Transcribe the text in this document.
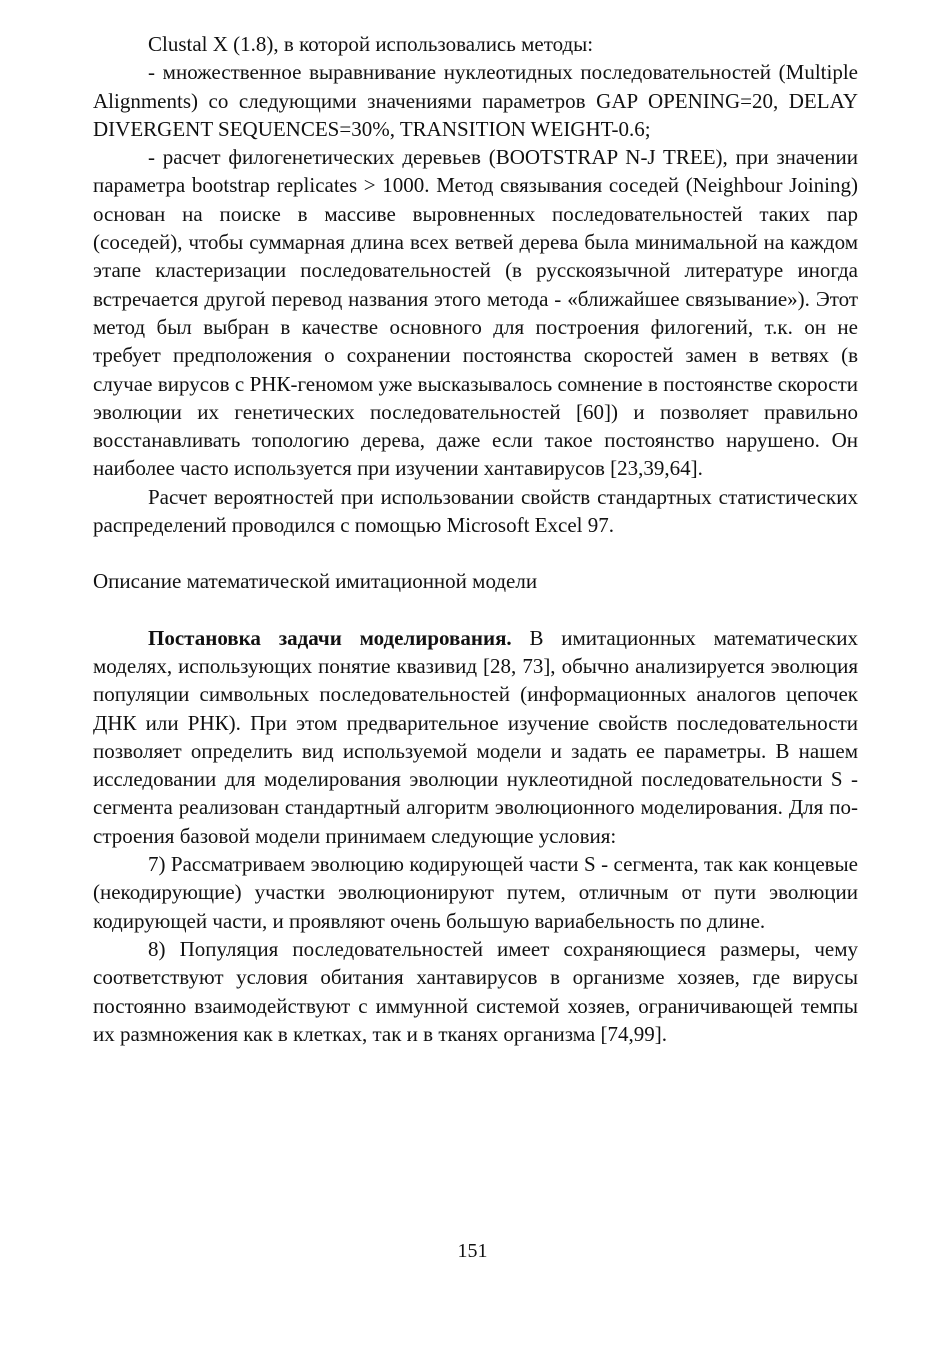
Clustal X (1.8), в которой использовались методы:

- множественное выравнивание нуклеотидных последовательностей (Multiple Alignments) со следующими значениями параметров GAP OPENING=20, DELAY DIVERGENT SEQUENCES=30%, TRANSITION WEIGHT-0.6;

- расчет филогенетических деревьев (BOOTSTRAP N-J TREE), при значении параметра bootstrap replicates > 1000. Метод связывания соседей (Neighbour Joining) основан на поиске в массиве выровненных последовательностей таких пар (соседей), чтобы суммарная длина всех ветвей дерева была минимальной на каждом этапе кластеризации последовательностей (в русскоязычной литературе иногда встречается другой перевод названия этого метода - «ближайшее связывание»). Этот метод был выбран в качестве основного для построения филогений, т.к. он не требует предположения о сохранении постоянства скоростей замен в ветвях (в случае вирусов с РНК-геномом уже высказывалось сомнение в постоянстве скорости эволюции их генетических последовательностей [60]) и позволяет правильно восстанавливать топологию дерева, даже если такое постоянство нарушено. Он наиболее часто используется при изучении хантавирусов [23,39,64].

Расчет вероятностей при использовании свойств стандартных статистических распределений проводился с помощью Microsoft Excel 97.

Описание математической имитационной модели

Постановка задачи моделирования. В имитационных математических моделях, использующих понятие квазивид [28, 73], обычно анализируется эволюция популяции символьных последовательностей (информационных аналогов цепочек ДНК или РНК). При этом предварительное изучение свойств последовательности позволяет определить вид используемой модели и задать ее параметры. В нашем исследовании для моделирования эволюции нуклеотидной последовательности S - сегмента реализован стандартный алгоритм эволюционного моделирования. Для построения базовой модели принимаем следующие условия:

7) Рассматриваем эволюцию кодирующей части S - сегмента, так как концевые (некодирующие) участки эволюционируют путем, отличным от пути эволюции кодирующей части, и проявляют очень большую вариабельность по длине.

8) Популяция последовательностей имеет сохраняющиеся размеры, чему соответствуют условия обитания хантавирусов в организме хозяев, где вирусы постоянно взаимодействуют с иммунной системой хозяев, ограничивающей темпы их размножения как в клетках, так и в тканях организма [74,99].

151
